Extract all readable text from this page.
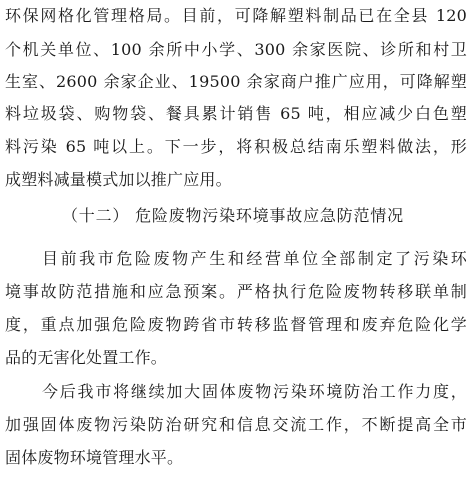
环保网格化管理格局。目前，可降解塑料制品已在全县 120
个机关单位、100 余所中小学、300 余家医院、诊所和村卫
生室、2600 余家企业、19500 余家商户推广应用，可降解塑
料垃圾袋、购物袋、餐具累计销售 65 吨，相应减少白色塑
料污染 65 吨以上。下一步，将积极总结南乐塑料做法，形
成塑料减量模式加以推广应用。
（十二） 危险废物污染环境事故应急防范情况
目前我市危险废物产生和经营单位全部制定了污染环
境事故防范措施和应急预案。严格执行危险废物转移联单制
度，重点加强危险废物跨省市转移监督管理和废弃危险化学
品的无害化处置工作。
今后我市将继续加大固体废物污染环境防治工作力度，
加强固体废物污染防治研究和信息交流工作，不断提高全市
固体废物环境管理水平。
